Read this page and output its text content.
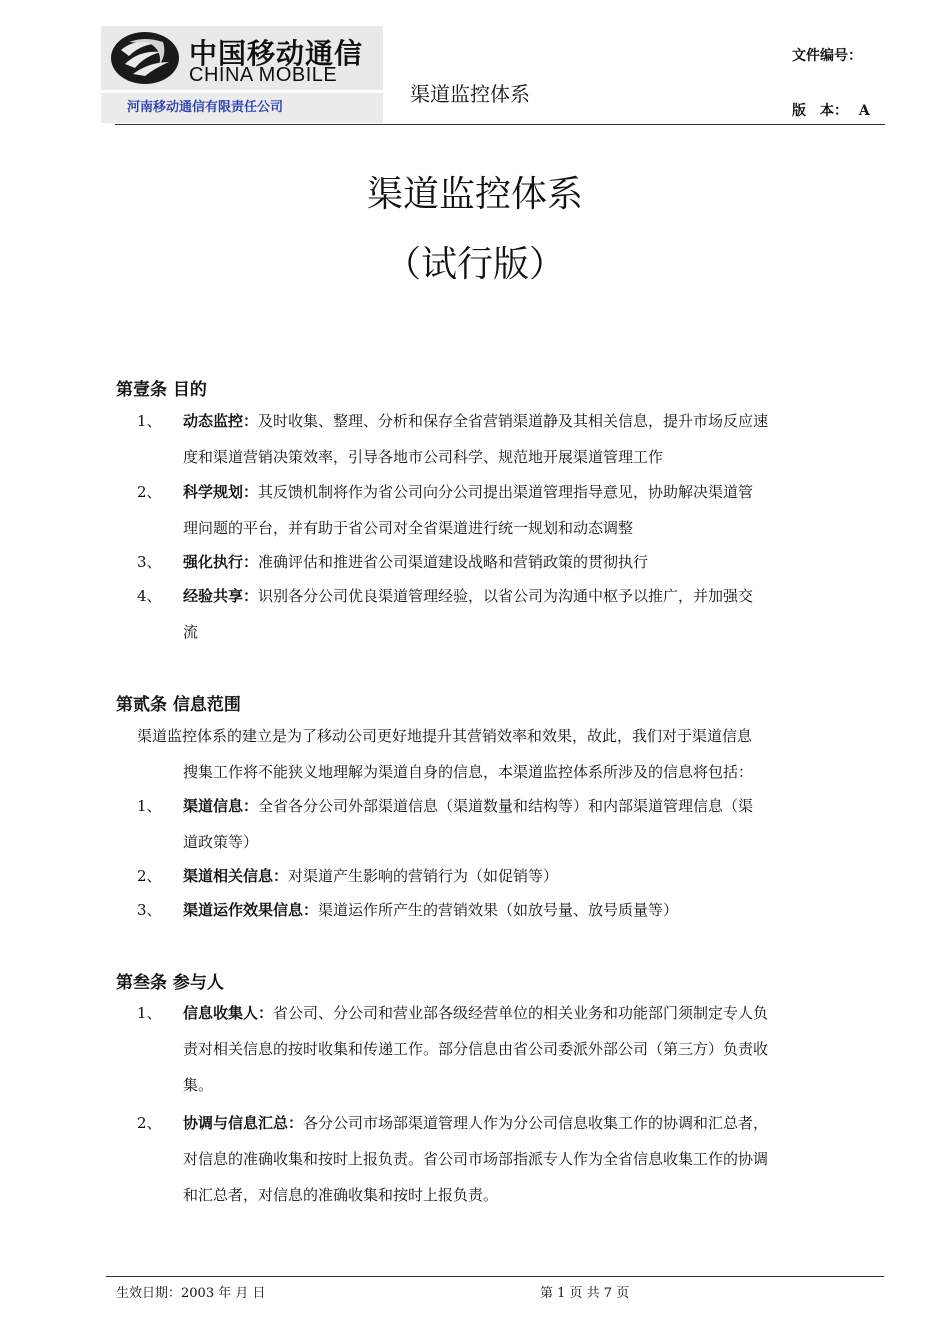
中国移动通信
CHINA MOBILE
河南移动通信有限责任公司
渠道监控体系
文件编号：
版　本： A
渠道监控体系
（试行版）
第壹条 目的
1、	动态监控：及时收集、整理、分析和保存全省营销渠道静及其相关信息，提升市场反应速
度和渠道营销决策效率，引导各地市公司科学、规范地开展渠道管理工作
2、	科学规划：其反馈机制将作为省公司向分公司提出渠道管理指导意见，协助解决渠道管
理问题的平台，并有助于省公司对全省渠道进行统一规划和动态调整
3、	强化执行：准确评估和推进省公司渠道建设战略和营销政策的贯彻执行
4、	经验共享：识别各分公司优良渠道管理经验，以省公司为沟通中枢予以推广，并加强交
流
第贰条 信息范围
渠道监控体系的建立是为了移动公司更好地提升其营销效率和效果，故此，我们对于渠道信息
搜集工作将不能狭义地理解为渠道自身的信息，本渠道监控体系所涉及的信息将包括：
1、	渠道信息：全省各分公司外部渠道信息（渠道数量和结构等）和内部渠道管理信息（渠
道政策等）
2、	渠道相关信息：对渠道产生影响的营销行为（如促销等）
3、	渠道运作效果信息：渠道运作所产生的营销效果（如放号量、放号质量等）
第叁条 参与人
1、	信息收集人：省公司、分公司和营业部各级经营单位的相关业务和功能部门须制定专人负
责对相关信息的按时收集和传递工作。部分信息由省公司委派外部公司（第三方）负责收
集。
2、	协调与信息汇总：各分公司市场部渠道管理人作为分公司信息收集工作的协调和汇总者，
对信息的准确收集和按时上报负责。省公司市场部指派专人作为全省信息收集工作的协调
和汇总者，对信息的准确收集和按时上报负责。
生效日期：2003 年 月 日	第 1 页 共 7 页
